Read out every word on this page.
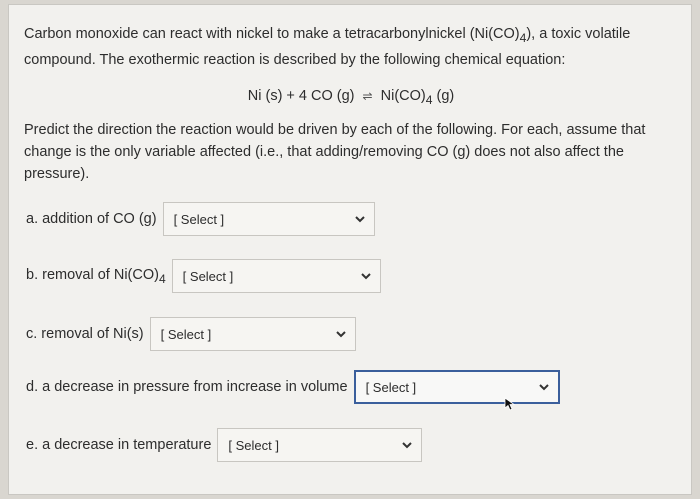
Carbon monoxide can react with nickel to make a tetracarbonylnickel $(Ni(CO)_4)$, a toxic volatile compound. The exothermic reaction is described by the following chemical equation:
Ni (s) + 4 CO (g) ⇌ $Ni(CO)_4$ (g)
Predict the direction the reaction would be driven by each of the following. For each, assume that change is the only variable affected (i.e., that adding/removing CO (g) does not also affect the pressure).
a. addition of CO (g) [ Select ]
b. removal of $Ni(CO)_4$ [ Select ]
c. removal of Ni(s) [ Select ]
d. a decrease in pressure from increase in volume [ Select ]
e. a decrease in temperature [ Select ]
